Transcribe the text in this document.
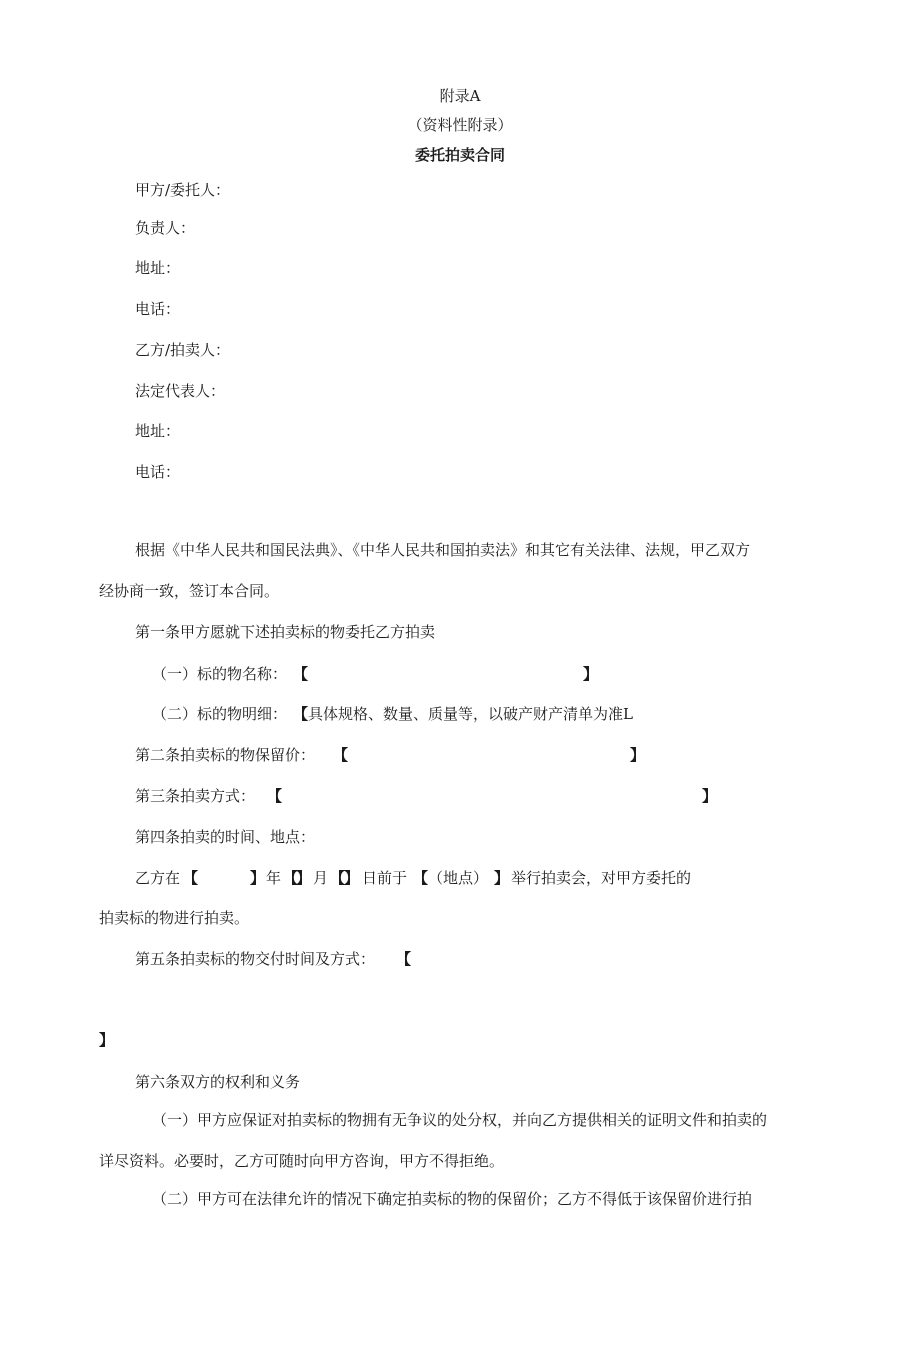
附录A
（资料性附录）
委托拍卖合同
甲方/委托人：
负责人：
地址：
电话：
乙方/拍卖人：
法定代表人：
地址：
电话：
根据《中华人民共和国民法典》、《中华人民共和国拍卖法》和其它有关法律、法规，甲乙双方
经协商一致，签订本合同。
第一条甲方愿就下述拍卖标的物委托乙方拍卖
（一）标的物名称： 【	】
（二）标的物明细： 【 具体规格、数量、质量等，以破产财产清单为准L
第二条拍卖标的物保留价： 【	】
第三条拍卖方式： 【	】
第四条拍卖的时间、地点：
乙方在 【	】 年 【
】 月 【
】 日前于 【 （地点） 】 举行拍卖会，对甲方委托的
拍卖标的物进行拍卖。
第五条拍卖标的物交付时间及方式： 【
】
第六条双方的权利和义务
（一）甲方应保证对拍卖标的物拥有无争议的处分权，并向乙方提供相关的证明文件和拍卖的
详尽资料。必要时，乙方可随时向甲方咨询，甲方不得拒绝。
（二）甲方可在法律允许的情况下确定拍卖标的物的保留价；乙方不得低于该保留价进行拍
